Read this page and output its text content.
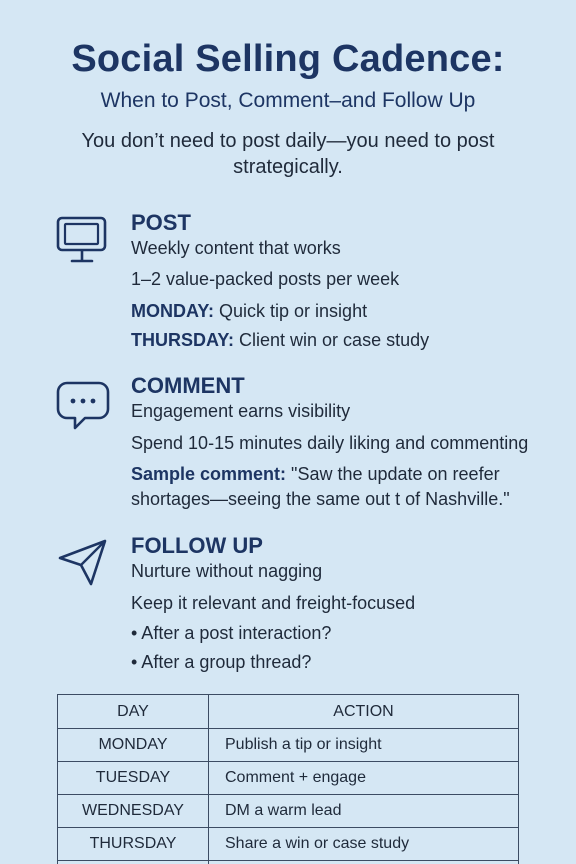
Social Selling Cadence:
When to Post, Comment–and Follow Up
You don’t need to post daily—you need to post strategically.
POST
Weekly content that works
1–2 value-packed posts per week
MONDAY: Quick tip or insight
THURSDAY: Client win or case study
COMMENT
Engagement earns visibility
Spend 10-15 minutes daily liking and commenting
Sample comment: "Saw the update on reefer
shortages—seeing the same out t of Nashville."
FOLLOW UP
Nurture without nagging
Keep it relevant and freight-focused
• After a post interaction?
• After a group thread?
DAY	ACTION
MONDAY	Publish a tip or insight
TUESDAY	Comment + engage
WEDNESDAY	DM a warm lead
THURSDAY	Share a win or case study
